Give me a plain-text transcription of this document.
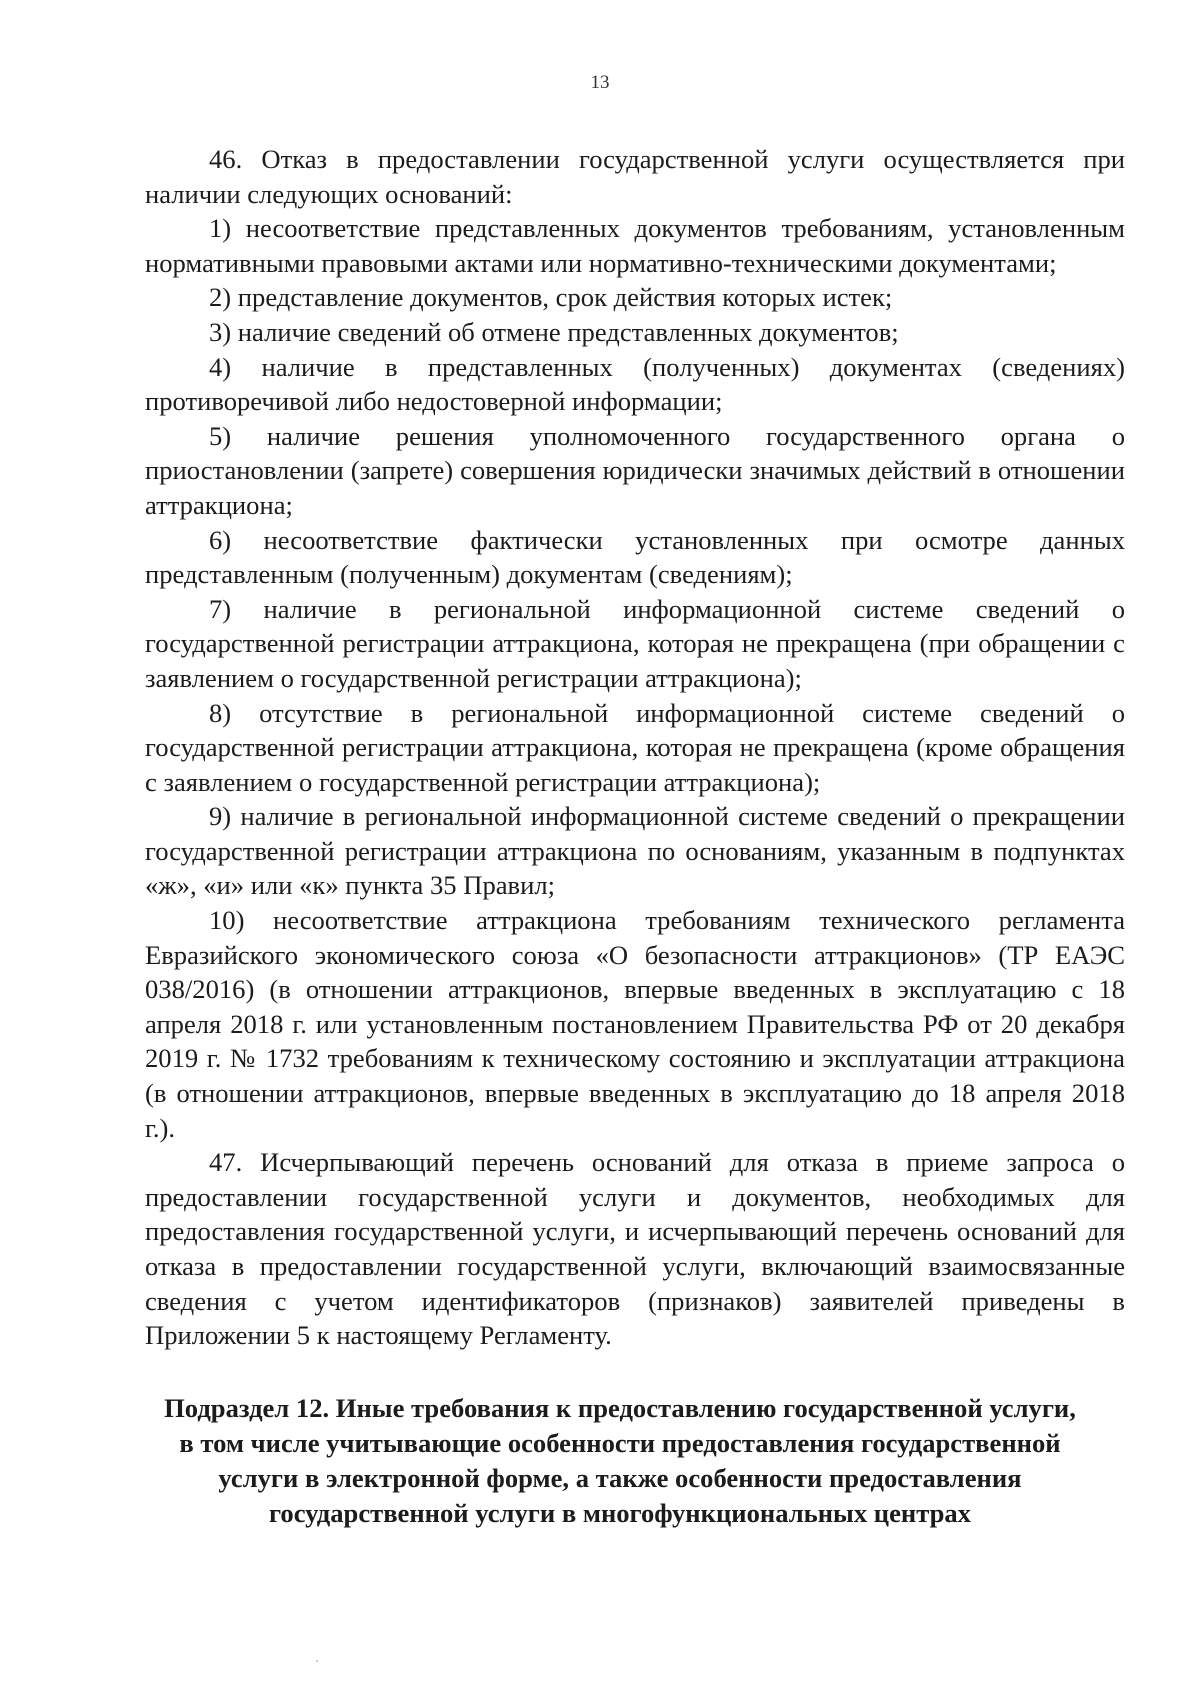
13

46. Отказ в предоставлении государственной услуги осуществляется при наличии следующих оснований:

1) несоответствие представленных документов требованиям, установленным нормативными правовыми актами или нормативно-техническими документами;

2) представление документов, срок действия которых истек;

3) наличие сведений об отмене представленных документов;

4) наличие в представленных (полученных) документах (сведениях) противоречивой либо недостоверной информации;

5) наличие решения уполномоченного государственного органа о приостановлении (запрете) совершения юридически значимых действий в отношении аттракциона;

6) несоответствие фактически установленных при осмотре данных представленным (полученным) документам (сведениям);

7) наличие в региональной информационной системе сведений о государственной регистрации аттракциона, которая не прекращена (при обращении с заявлением о государственной регистрации аттракциона);

8) отсутствие в региональной информационной системе сведений о государственной регистрации аттракциона, которая не прекращена (кроме обращения с заявлением о государственной регистрации аттракциона);

9) наличие в региональной информационной системе сведений о прекращении государственной регистрации аттракциона по основаниям, указанным в подпунктах «ж», «и» или «к» пункта 35 Правил;

10) несоответствие аттракциона требованиям технического регламента Евразийского экономического союза «О безопасности аттракционов» (ТР ЕАЭС 038/2016) (в отношении аттракционов, впервые введенных в эксплуатацию с 18 апреля 2018 г. или установленным постановлением Правительства РФ от 20 декабря 2019 г. № 1732 требованиям к техническому состоянию и эксплуатации аттракциона (в отношении аттракционов, впервые введенных в эксплуатацию до 18 апреля 2018 г.).

47. Исчерпывающий перечень оснований для отказа в приеме запроса о предоставлении государственной услуги и документов, необходимых для предоставления государственной услуги, и исчерпывающий перечень оснований для отказа в предоставлении государственной услуги, включающий взаимосвязанные сведения с учетом идентификаторов (признаков) заявителей приведены в Приложении 5 к настоящему Регламенту.

Подраздел 12. Иные требования к предоставлению государственной услуги,
в том числе учитывающие особенности предоставления государственной
услуги в электронной форме, а также особенности предоставления
государственной услуги в многофункциональных центрах
